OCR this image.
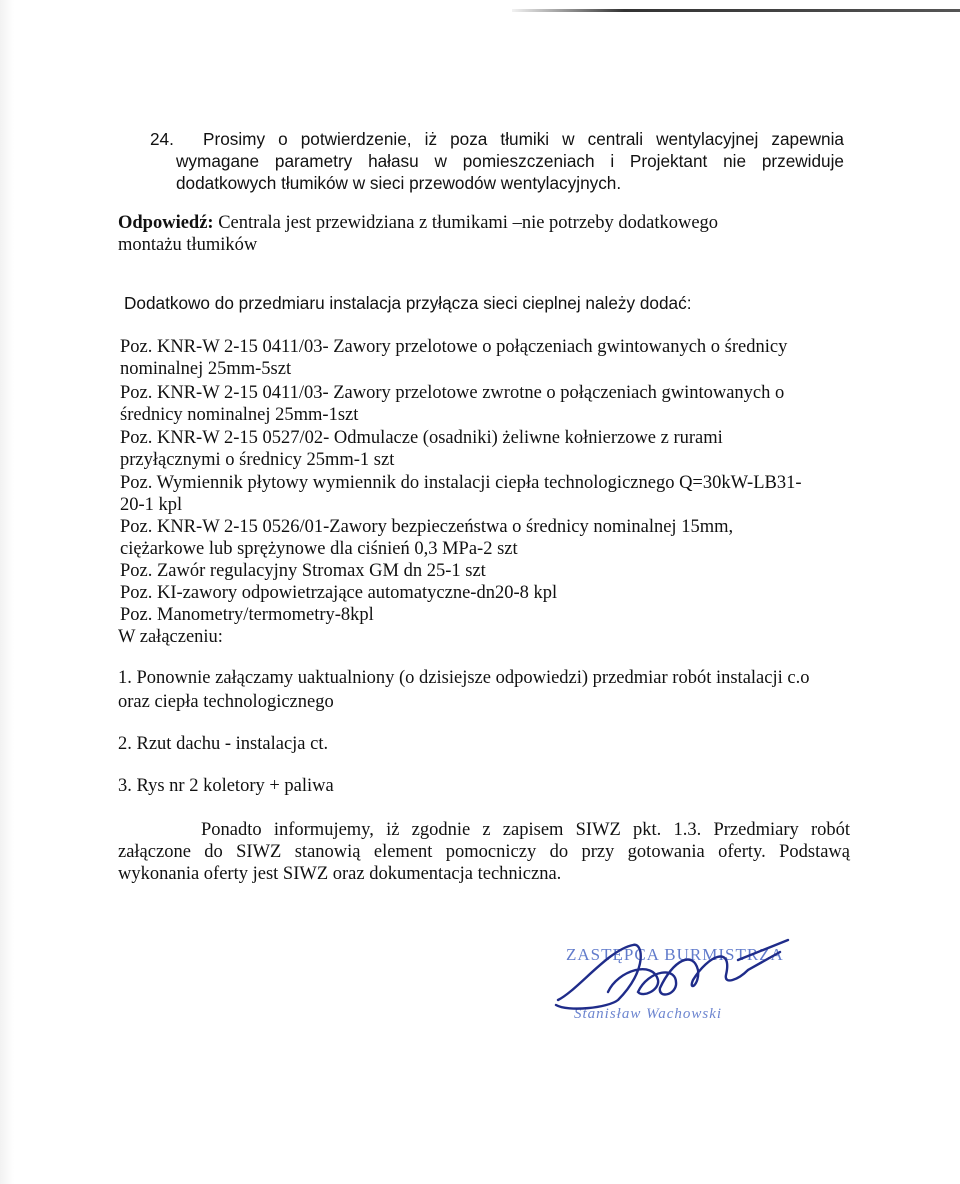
24. Prosimy o potwierdzenie, iż poza tłumiki w centrali wentylacyjnej zapewnia
wymagane parametry hałasu w pomieszczeniach i Projektant nie przewiduje
dodatkowych tłumików w sieci przewodów wentylacyjnych.
Odpowiedź: Centrala jest przewidziana z tłumikami –nie potrzeby dodatkowego
montażu tłumików
Dodatkowo do przedmiaru instalacja przyłącza sieci cieplnej należy dodać:
Poz. KNR-W 2-15 0411/03- Zawory przelotowe o połączeniach gwintowanych o średnicy
nominalnej 25mm-5szt
Poz. KNR-W 2-15 0411/03- Zawory przelotowe zwrotne o połączeniach gwintowanych o
średnicy nominalnej 25mm-1szt
Poz. KNR-W 2-15 0527/02- Odmulacze (osadniki) żeliwne kołnierzowe z rurami
przyłącznymi o średnicy 25mm-1 szt
Poz. Wymiennik płytowy wymiennik do instalacji ciepła technologicznego Q=30kW-LB31-
20-1 kpl
Poz. KNR-W 2-15 0526/01-Zawory bezpieczeństwa o średnicy nominalnej 15mm,
ciężarkowe lub sprężynowe dla ciśnień 0,3 MPa-2 szt
Poz. Zawór regulacyjny Stromax GM dn 25-1 szt
Poz. KI-zawory odpowietrzające automatyczne-dn20-8 kpl
Poz. Manometry/termometry-8kpl
W załączeniu:
1. Ponownie załączamy uaktualniony (o dzisiejsze odpowiedzi) przedmiar robót instalacji c.o
oraz ciepła technologicznego
2. Rzut dachu - instalacja ct.
3. Rys nr 2 koletory + paliwa
Ponadto informujemy, iż zgodnie z zapisem SIWZ pkt. 1.3. Przedmiary robót
załączone do SIWZ stanowią element pomocniczy do przy gotowania oferty. Podstawą
wykonania oferty jest SIWZ oraz dokumentacja techniczna.
ZASTĘPCA BURMISTRZA
Stanisław Wachowski
